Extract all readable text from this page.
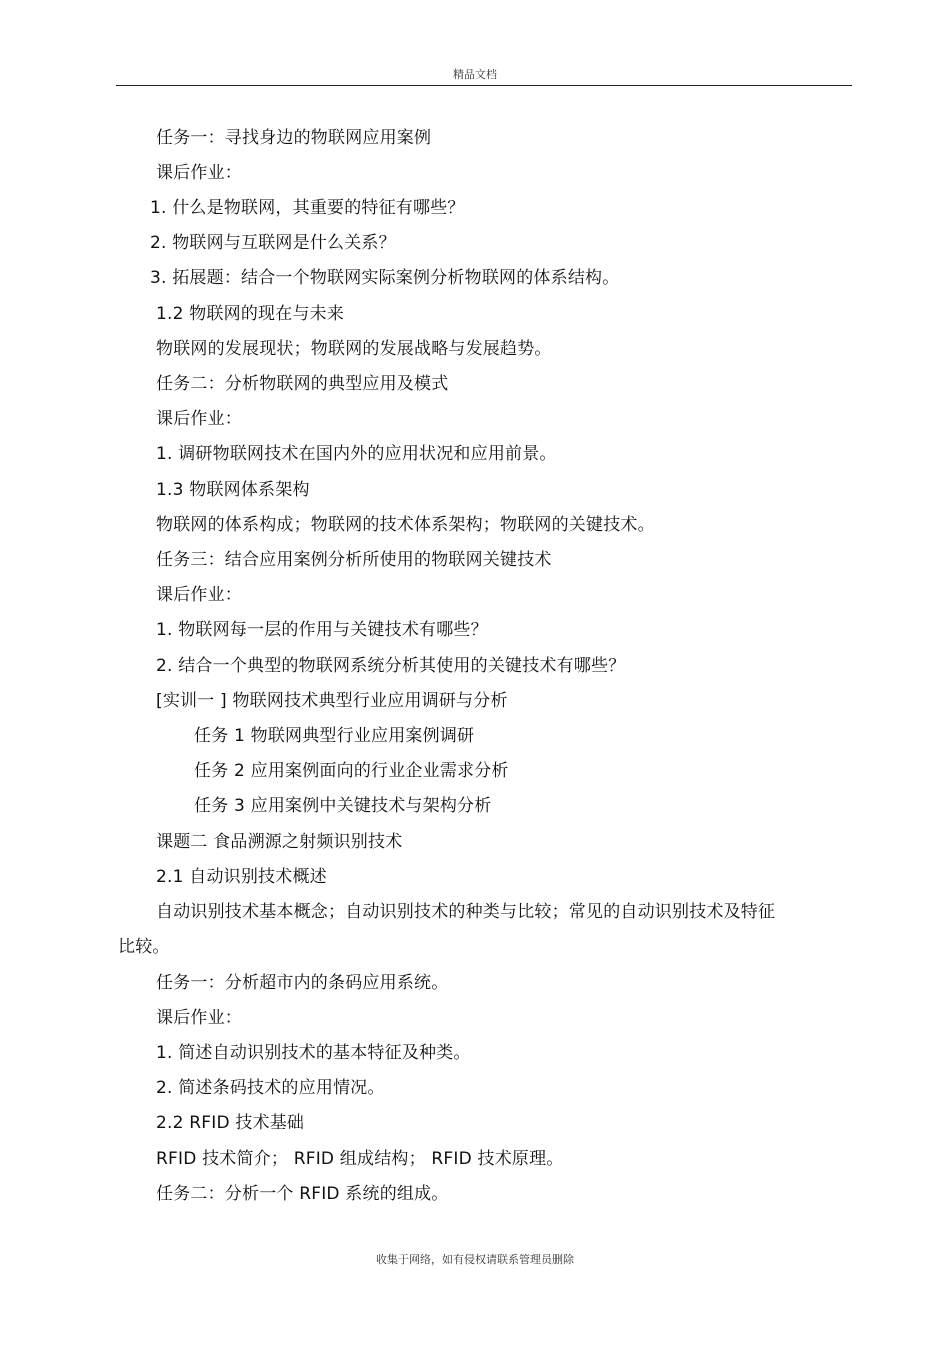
精品文档
任务一：寻找身边的物联网应用案例
课后作业：
1. 什么是物联网，其重要的特征有哪些？
2. 物联网与互联网是什么关系？
3. 拓展题：结合一个物联网实际案例分析物联网的体系结构。
1.2 物联网的现在与未来
物联网的发展现状；物联网的发展战略与发展趋势。
任务二：分析物联网的典型应用及模式
课后作业：
1. 调研物联网技术在国内外的应用状况和应用前景。
1.3 物联网体系架构
物联网的体系构成；物联网的技术体系架构；物联网的关键技术。
任务三：结合应用案例分析所使用的物联网关键技术
课后作业：
1. 物联网每一层的作用与关键技术有哪些？
2. 结合一个典型的物联网系统分析其使用的关键技术有哪些？
[实训一 ] 物联网技术典型行业应用调研与分析
任务 1 物联网典型行业应用案例调研
任务 2 应用案例面向的行业企业需求分析
任务 3 应用案例中关键技术与架构分析
课题二 食品溯源之射频识别技术
2.1 自动识别技术概述
自动识别技术基本概念；自动识别技术的种类与比较；常见的自动识别技术及特征
比较。
任务一：分析超市内的条码应用系统。
课后作业：
1. 简述自动识别技术的基本特征及种类。
2. 简述条码技术的应用情况。
2.2 RFID 技术基础
RFID 技术简介； RFID 组成结构； RFID 技术原理。
任务二：分析一个 RFID 系统的组成。
收集于网络，如有侵权请联系管理员删除
